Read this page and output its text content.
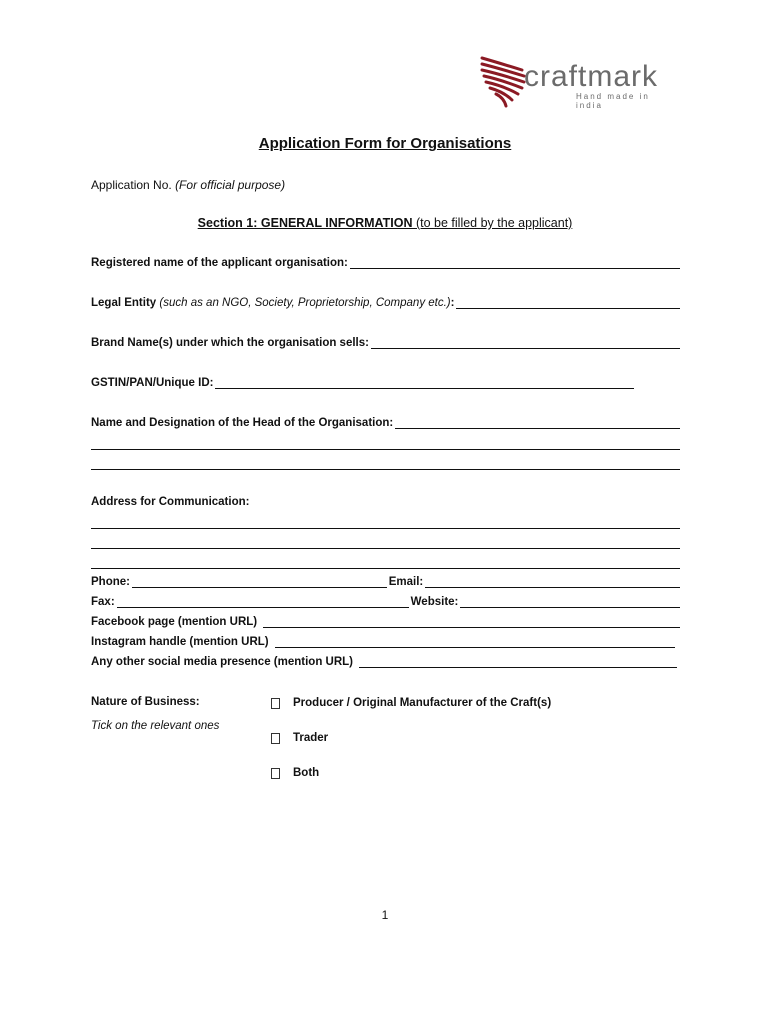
craftmark
Hand made in india
Application Form for Organisations
Application No. (For official purpose)
Section 1: GENERAL INFORMATION (to be filled by the applicant)
Registered name of the applicant organisation:
Legal Entity
(such as an NGO, Society, Proprietorship, Company etc.) :
Brand Name(s) under which the organisation sells:
GSTIN/PAN/Unique ID:
Name and Designation of the Head of the Organisation:
Address for Communication:
Phone:	Email:
Fax:	Website:
Facebook page (mention URL)
Instagram handle (mention URL)
Any other social media presence (mention URL)
Nature of Business:
Tick on the relevant ones
Producer / Original Manufacturer of the Craft(s)
Trader
Both
1
